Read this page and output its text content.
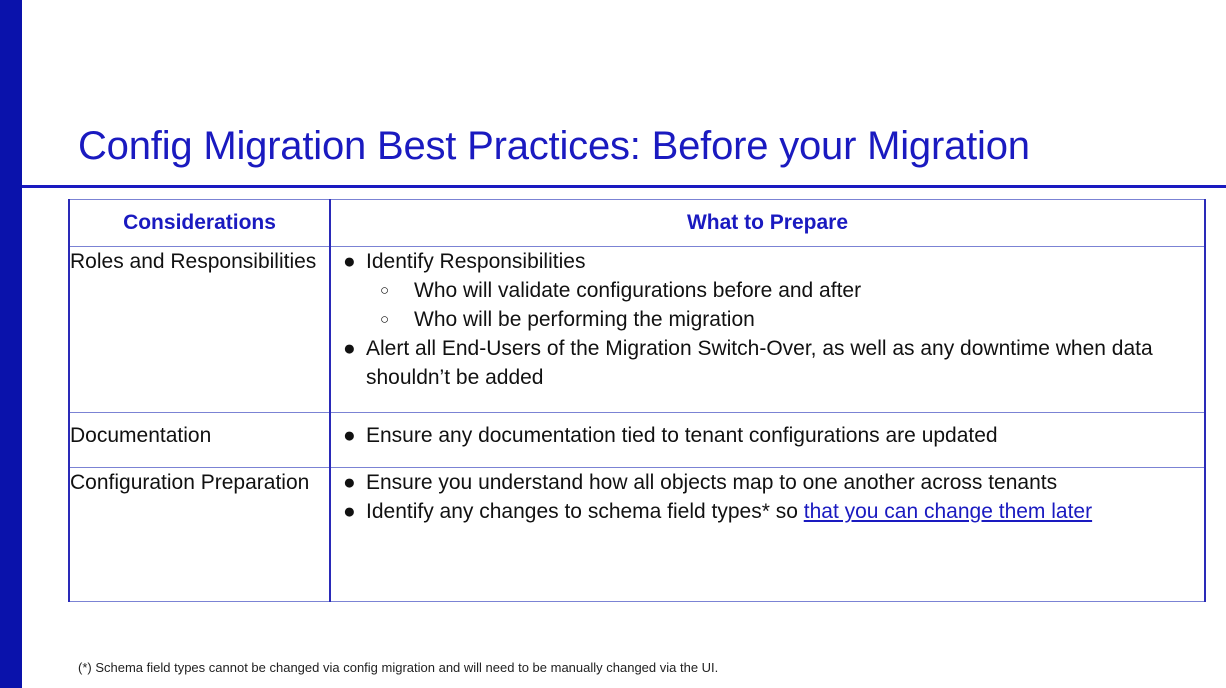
Config Migration Best Practices: Before your Migration
Considerations	What to Prepare
Roles and Responsibilities	● Identify Responsibilities
○ Who will validate configurations before and after
○ Who will be performing the migration
● Alert all End-Users of the Migration Switch-Over, as well as any downtime when data shouldn’t be added

Documentation	● Ensure any documentation tied to tenant configurations are updated

Configuration Preparation	● Ensure you understand how all objects map to one another across tenants
● Identify any changes to schema field types* so that you can change them later
(*) Schema field types cannot be changed via config migration and will need to be manually changed via the UI.
